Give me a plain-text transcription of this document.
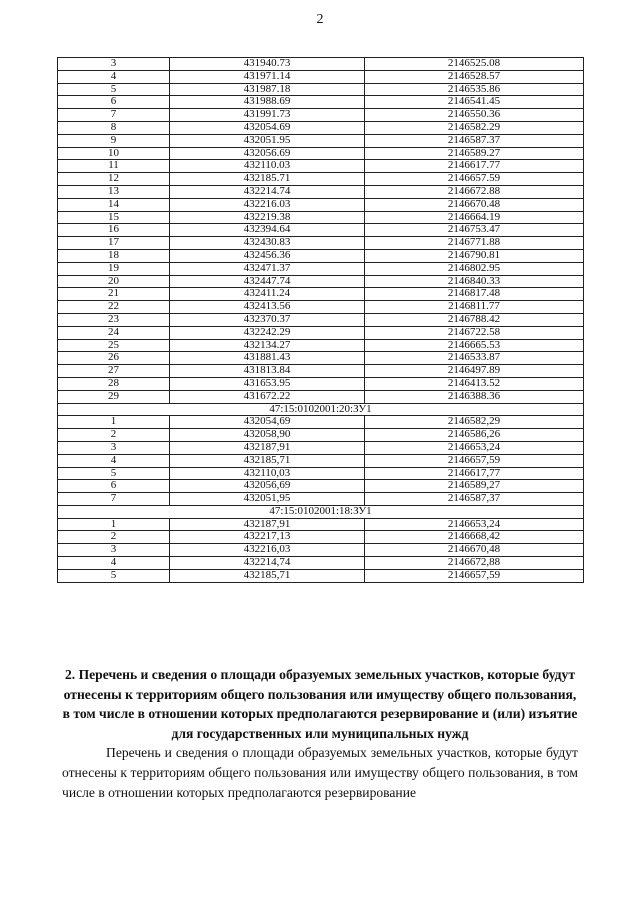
2
3	431940.73	2146525.08
4	431971.14	2146528.57
5	431987.18	2146535.86
6	431988.69	2146541.45
7	431991.73	2146550.36
8	432054.69	2146582.29
9	432051.95	2146587.37
10	432056.69	2146589.27
11	432110.03	2146617.77
12	432185.71	2146657.59
13	432214.74	2146672.88
14	432216.03	2146670.48
15	432219.38	2146664.19
16	432394.64	2146753.47
17	432430.83	2146771.88
18	432456.36	2146790.81
19	432471.37	2146802.95
20	432447.74	2146840.33
21	432411.24	2146817.48
22	432413.56	2146811.77
23	432370.37	2146788.42
24	432242.29	2146722.58
25	432134.27	2146665.53
26	431881.43	2146533.87
27	431813.84	2146497.89
28	431653.95	2146413.52
29	431672.22	2146388.36
47:15:0102001:20:ЗУ1		
1	432054,69	2146582,29
2	432058,90	2146586,26
3	432187,91	2146653,24
4	432185,71	2146657,59
5	432110,03	2146617,77
6	432056,69	2146589,27
7	432051,95	2146587,37
47:15:0102001:18:ЗУ1		
1	432187,91	2146653,24
2	432217,13	2146668,42
3	432216,03	2146670,48
4	432214,74	2146672,88
5	432185,71	2146657,59
2. Перечень и сведения о площади образуемых земельных участков, которые будут отнесены к территориям общего пользования или имуществу общего пользования, в том числе в отношении которых предполагаются резервирование и (или) изъятие для государственных или муниципальных нужд

Перечень и сведения о площади образуемых земельных участков, которые будут отнесены к территориям общего пользования или имуществу общего пользования, в том числе в отношении которых предполагаются резервирование
